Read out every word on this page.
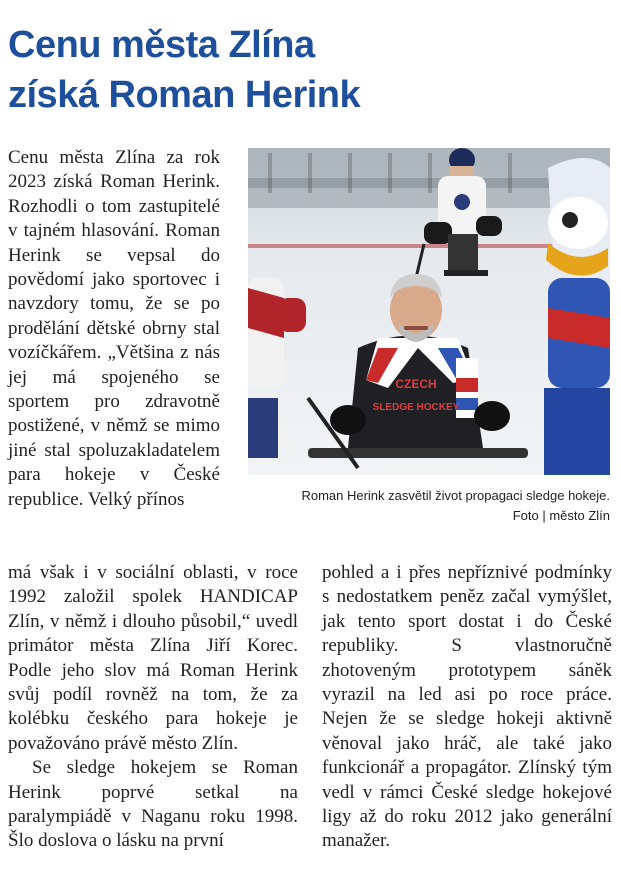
Cenu města Zlína
získá Roman Herink

Cenu města Zlína za rok 2023 získá Roman Herink. Rozhodli o tom zastupitelé v tajném hlasování. Roman Herink se vepsal do povědomí jako sportovec i navzdory tomu, že se po prodělání dětské obrny stal vozíčkářem. „Většina z nás jej má spojeného se sportem pro zdravotně postižené, v němž se mimo jiné stal spoluzakladatelem para hokeje v České republice. Velký přínos

CZECH
SLEDGE HOCKEY
Roman Herink zasvětil život propagaci sledge hokeje.
Foto | město Zlín

má však i v sociální oblasti, v roce 1992 založil spolek HANDICAP Zlín, v němž i dlouho působil,“ uvedl primátor města Zlína Jiří Korec. Podle jeho slov má Roman Herink svůj podíl rovněž na tom, že za kolébku českého para hokeje je považováno právě město Zlín.

Se sledge hokejem se Roman Herink poprvé setkal na paralympiádě v Naganu roku 1998. Šlo doslova o lásku na první

pohled a i přes nepříznivé podmínky s nedostatkem peněz začal vymýšlet, jak tento sport dostat i do České republiky. S vlastnoručně zhotoveným prototypem sáněk vyrazil na led asi po roce práce. Nejen že se sledge hokeji aktivně věnoval jako hráč, ale také jako funkcionář a propagátor. Zlínský tým vedl v rámci České sledge hokejové ligy až do roku 2012 jako generální manažer.
